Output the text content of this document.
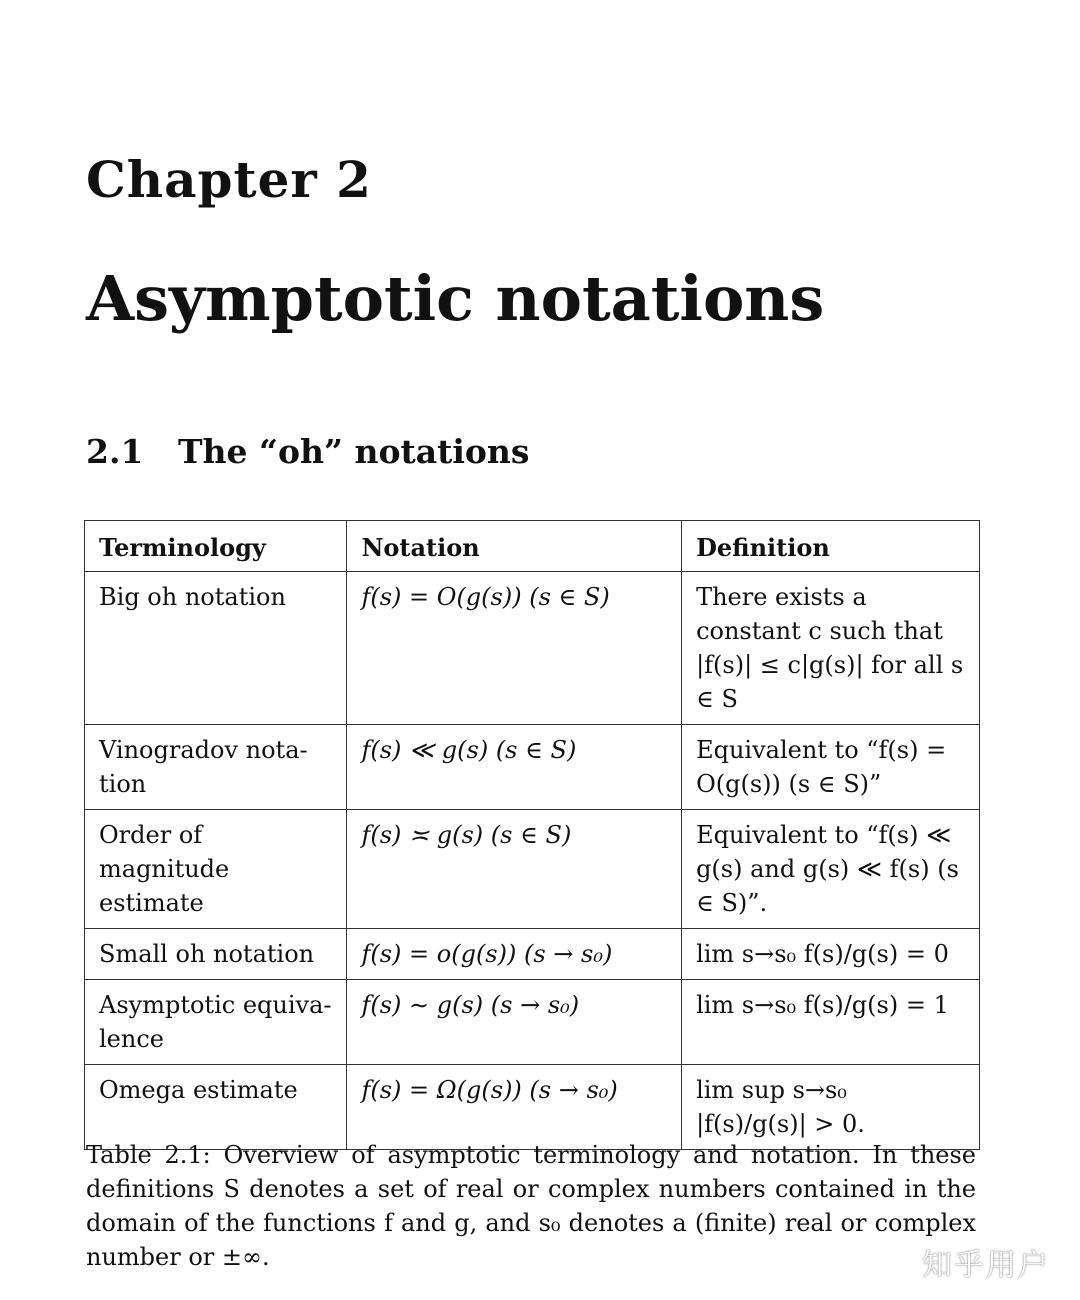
Chapter 2
Asymptotic notations
2.1 The “oh” notations
Terminology	Notation	Definition
Big oh notation	f(s) = O(g(s)) (s ∈ S)	There exists a constant c such that |f(s)| ≤ c|g(s)| for all s ∈ S
Vinogradov nota-tion	f(s) ≪ g(s) (s ∈ S)	Equivalent to “f(s) = O(g(s)) (s ∈ S)”
Order of magnitude estimate	f(s) ≍ g(s) (s ∈ S)	Equivalent to “f(s) ≪ g(s) and g(s) ≪ f(s) (s ∈ S)”.
Small oh notation	f(s) = o(g(s)) (s → s₀)	lim s→s₀ f(s)/g(s) = 0
Asymptotic equiva-lence	f(s) ∼ g(s) (s → s₀)	lim s→s₀ f(s)/g(s) = 1
Omega estimate	f(s) = Ω(g(s)) (s → s₀)	lim sup s→s₀ |f(s)/g(s)| > 0.

Table 2.1: Overview of asymptotic terminology and notation. In these definitions S denotes a set of real or complex numbers contained in the domain of the functions f and g, and s₀ denotes a (finite) real or complex number or ±∞.	知乎用户
